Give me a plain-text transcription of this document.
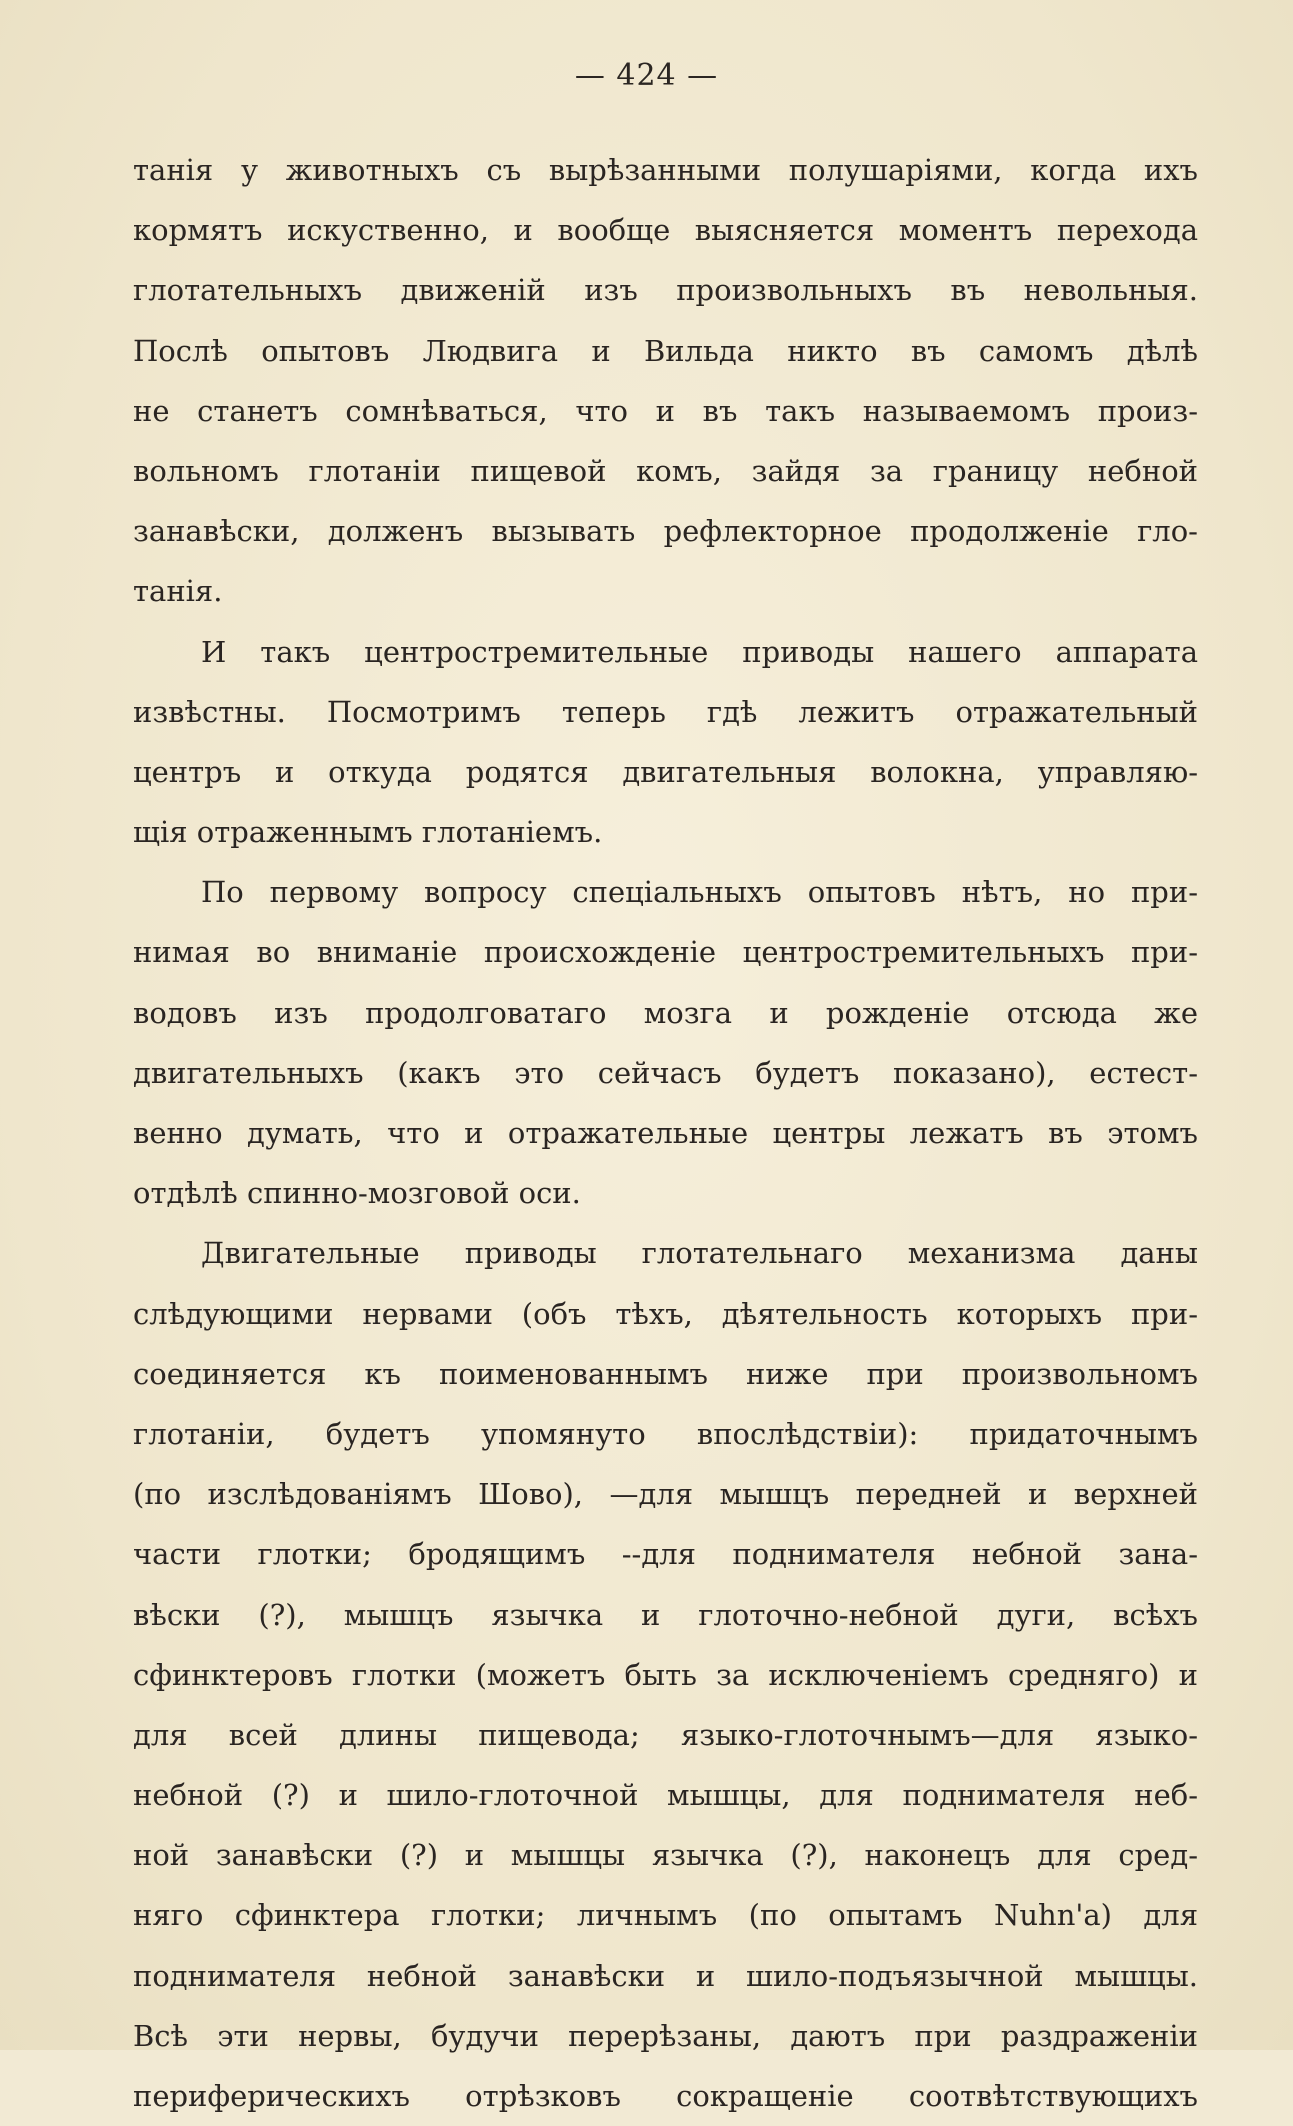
— 424 —
танія у животныхъ съ вырѣзанными полушаріями, когда ихъ
кормятъ искуственно, и вообще выясняется моментъ перехода
глотательныхъ движеній изъ произвольныхъ въ невольныя.
Послѣ опытовъ Людвига и Вильда никто въ самомъ дѣлѣ
не станетъ сомнѣваться, что и въ такъ называемомъ произ-
вольномъ глотаніи пищевой комъ, зайдя за границу небной
занавѣски, долженъ вызывать рефлекторное продолженіе гло-
танія.
И такъ центростремительные приводы нашего аппарата
извѣстны. Посмотримъ теперь гдѣ лежитъ отражательный
центръ и откуда родятся двигательныя волокна, управляю-
щія отраженнымъ глотаніемъ.
По первому вопросу спеціальныхъ опытовъ нѣтъ, но при-
нимая во вниманіе происхожденіе центростремительныхъ при-
водовъ изъ продолговатаго мозга и рожденіе отсюда же
двигательныхъ (какъ это сейчасъ будетъ показано), естест-
венно думать, что и отражательные центры лежатъ въ этомъ
отдѣлѣ спинно-мозговой оси.
Двигательные приводы глотательнаго механизма даны
слѣдующими нервами (объ тѣхъ, дѣятельность которыхъ при-
соединяется къ поименованнымъ ниже при произвольномъ
глотаніи, будетъ упомянуто впослѣдствіи): придаточнымъ
(по изслѣдованіямъ Шово), —для мышцъ передней и верхней
части глотки; бродящимъ --для поднимателя небной зана-
вѣски (?), мышцъ язычка и глоточно-небной дуги, всѣхъ
сфинктеровъ глотки (можетъ быть за исключеніемъ средняго) и
для всей длины пищевода; языко-глоточнымъ—для языко-
небной (?) и шило-глоточной мышцы, для поднимателя неб-
ной занавѣски (?) и мышцы язычка (?), наконецъ для сред-
няго сфинктера глотки; личнымъ (по опытамъ Nuhn'a) для
поднимателя небной занавѣски и шило-подъязычной мышцы.
Всѣ эти нервы, будучи перерѣзаны, даютъ при раздраженіи
периферическихъ отрѣзковъ сокращеніе соотвѣтствующихъ
